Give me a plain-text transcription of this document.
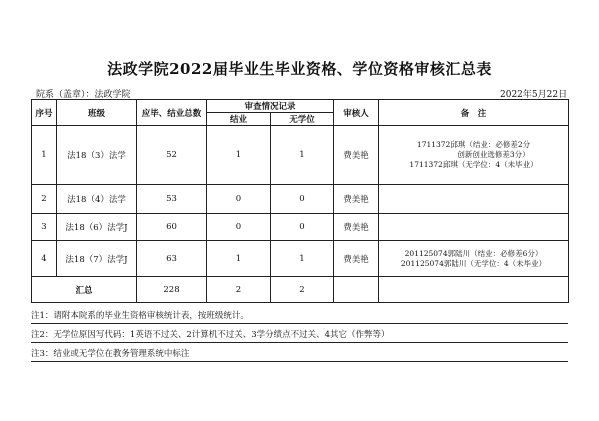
法政学院2022届毕业生毕业资格、学位资格审核汇总表
院系（盖章）：法政学院	2022年5月22日
序号	班级	应毕、结业总数	审查情况记录		审核人	备　注
			结业	无学位		
1	法18（3）法学	52	1	1	费美艳	1711372邱琪（结业：必修差2分
创新创业选修差3分）
1711372邱琪（无学位：4（未毕业）

2	法18（4）法学	53	0	0	费美艳	
3	法18（6）法学J	60	0	0	费美艳	
4	法18（7）法学J	63	1	1	费美艳	201125074郭陆川（结业：必修差6分）
201125074郭陆川（无学位：4（未毕业）

汇总		228	2	2		
注1：请附本院系的毕业生资格审核统计表，按班级统计。
注2：无学位原因写代码：1英语不过关、2计算机不过关、3学分绩点不过关、4其它（作弊等）
注3：结业或无学位在教务管理系统中标注
